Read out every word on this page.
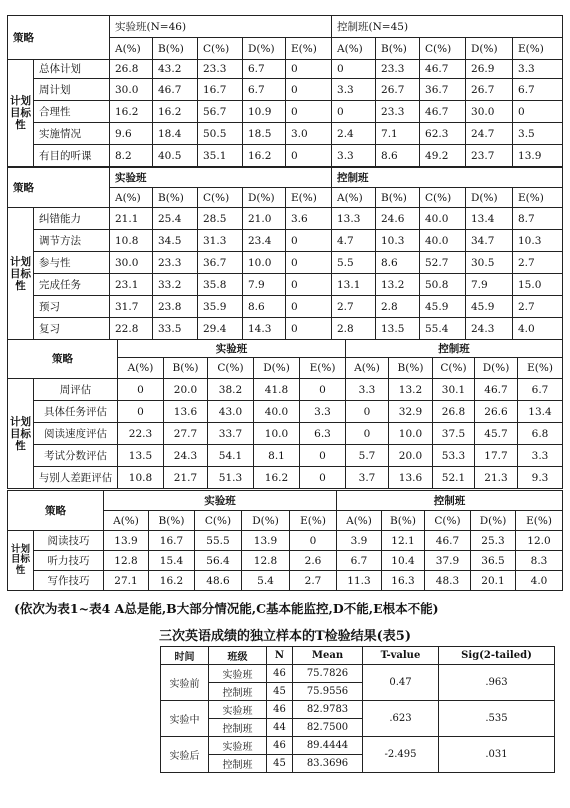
策略		实验班(N=46)					控制班(N=45)				
		A(%)	B(%)	C(%)	D(%)	E(%)	A(%)	B(%)	C(%)	D(%)	E(%)
计划目标性	总体计划	26.8	43.2	23.3	6.7	0	0	23.3	46.7	26.9	3.3
	周计划	30.0	46.7	16.7	6.7	0	3.3	26.7	36.7	26.7	6.7
	合理性	16.2	16.2	56.7	10.9	0	0	23.3	46.7	30.0	0
	实施情况	9.6	18.4	50.5	18.5	3.0	2.4	7.1	62.3	24.7	3.5
	有目的听课	8.2	40.5	35.1	16.2	0	3.3	8.6	49.2	23.7	13.9
策略		实验班					控制班				
		A(%)	B(%)	C(%)	D(%)	E(%)	A(%)	B(%)	C(%)	D(%)	E(%)
计划目标性	纠错能力	21.1	25.4	28.5	21.0	3.6	13.3	24.6	40.0	13.4	8.7
	调节方法	10.8	34.5	31.3	23.4	0	4.7	10.3	40.0	34.7	10.3
	参与性	30.0	23.3	36.7	10.0	0	5.5	8.6	52.7	30.5	2.7
	完成任务	23.1	33.2	35.8	7.9	0	13.1	13.2	50.8	7.9	15.0
	预习	31.7	23.8	35.9	8.6	0	2.7	2.8	45.9	45.9	2.7
	复习	22.8	33.5	29.4	14.3	0	2.8	13.5	55.4	24.3	4.0
策略		实验班					控制班				
		A(%)	B(%)	C(%)	D(%)	E(%)	A(%)	B(%)	C(%)	D(%)	E(%)
计划目标性	周评估	0	20.0	38.2	41.8	0	3.3	13.2	30.1	46.7	6.7
	具体任务评估	0	13.6	43.0	40.0	3.3	0	32.9	26.8	26.6	13.4
	阅读速度评估	22.3	27.7	33.7	10.0	6.3	0	10.0	37.5	45.7	6.8
	考试分数评估	13.5	24.3	54.1	8.1	0	5.7	20.0	53.3	17.7	3.3
	与别人差距评估	10.8	21.7	51.3	16.2	0	3.7	13.6	52.1	21.3	9.3
策略		实验班					控制班				
		A(%)	B(%)	C(%)	D(%)	E(%)	A(%)	B(%)	C(%)	D(%)	E(%)
计划目标性	阅读技巧	13.9	16.7	55.5	13.9	0	3.9	12.1	46.7	25.3	12.0
	听力技巧	12.8	15.4	56.4	12.8	2.6	6.7	10.4	37.9	36.5	8.3
	写作技巧	27.1	16.2	48.6	5.4	2.7	11.3	16.3	48.3	20.1	4.0
(依次为表1~表4 A总是能,B大部分情况能,C基本能监控,D不能,E根本不能)
三次英语成绩的独立样本的T检验结果(表5)
时间	班级	N	Mean	T-value	Sig(2-tailed)
实验前	实验班	46	75.7826	0.47	.963
	控制班	45	75.9556		
实验中	实验班	46	82.9783	.623	.535
	控制班	44	82.7500		
实验后	实验班	46	89.4444	-2.495	.031
	控制班	45	83.3696		
